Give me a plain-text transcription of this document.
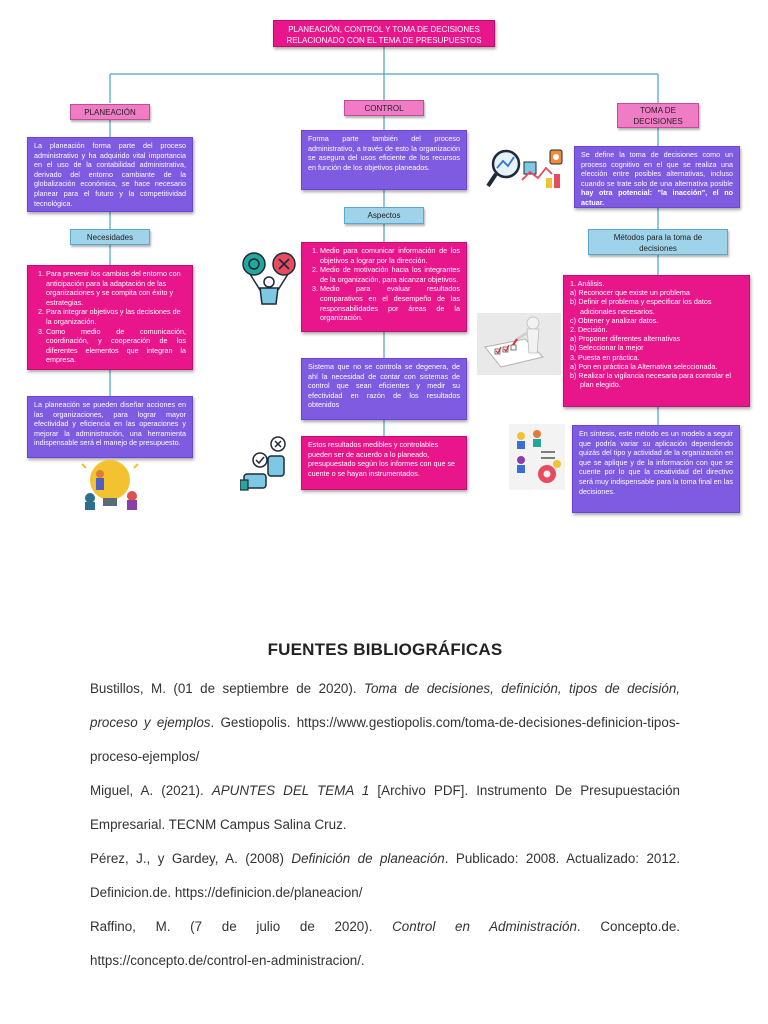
PLANEACIÓN, CONTROL Y TOMA DE DECISIONES
RELACIONADO CON EL TEMA DE PRESUPUESTOS
PLANEACIÓN
La planeación forma parte del proceso administrativo y ha adquirido vital importancia en el uso de la contabilidad administrativa, derivado del entorno cambiante de la globalización económica, se hace necesario planear para el futuro y la competitividad tecnológica.
Necesidades
1. Para prevenir los cambios del entorno con anticipación para la adaptación de las organizaciones y se compita con éxito y estrategias.
2. Para integrar objetivos y las decisiones de la organización.
3. Como medio de comunicación, coordinación, y cooperación de los diferentes elementos que integran la empresa.
La planeación se pueden diseñar acciones en las organizaciones, para lograr mayor efectividad y eficiencia en las operaciones y mejorar la administración, una herramienta indispensable será el manejo de presupuesto.
CONTROL
Forma parte también del proceso administrativo, a través de esto la organización se asegura del usos eficiente de los recursos en función de los objetivos planeados.
Aspectos
1. Medio para comunicar información de los objetivos a lograr por la dirección.
2. Medio de motivación hacia los integrantes de la organización, para alcanzar objetivos.
3. Medio para evaluar resultados comparativos en el desempeño de las responsabilidades por áreas de la organización.
Sistema que no se controla se degenera, de ahí la necesidad de contar con sistemas de control que sean eficientes y medir su efectividad en razón de los resultados obtenidos
Estos resultados medibles y controlables pueden ser de acuerdo a lo planeado, presupuestado según los informes con que se cuente o se hayan instrumentados.
TOMA DE
DECISIONES
Se define la toma de decisiones como un proceso cognitivo en el que se realiza una elección entre posibles alternativas, incluso cuando se trate solo de una alternativa posible hay otra potencial: "la inacción", el no actuar.
Métodos para la toma de
decisiones
1. Análisis.
a) Reconocer que existe un problema
b) Definir el problema y especificar los datos adicionales necesarios.
c) Obtener y analizar datos.
2. Decisión.
a) Proponer diferentes alternativas
b) Seleccionar la mejor
3. Puesta en práctica.
a) Pon en práctica la Alternativa seleccionada.
b) Realizar la vigilancia necesaria para controlar el plan elegido.
En síntesis, este método es un modelo a seguir que podría variar su aplicación dependiendo quizás del tipo y actividad de la organización en que se aplique y de la información con que se cuente por lo que la creatividad del directivo será muy indispensable para la toma final en las decisiones.
FUENTES BIBLIOGRÁFICAS
Bustillos, M. (01 de septiembre de 2020). Toma de decisiones, definición, tipos de decisión, proceso y ejemplos. Gestiopolis. https://www.gestiopolis.com/toma-de-decisiones-definicion-tipos-proceso-ejemplos/
Miguel, A. (2021). APUNTES DEL TEMA 1 [Archivo PDF]. Instrumento De Presupuestación Empresarial. TECNM Campus Salina Cruz.
Pérez, J., y Gardey, A. (2008) Definición de planeación. Publicado: 2008. Actualizado: 2012. Definicion.de. https://definicion.de/planeacion/
Raffino, M. (7 de julio de 2020). Control en Administración. Concepto.de. https://concepto.de/control-en-administracion/.
